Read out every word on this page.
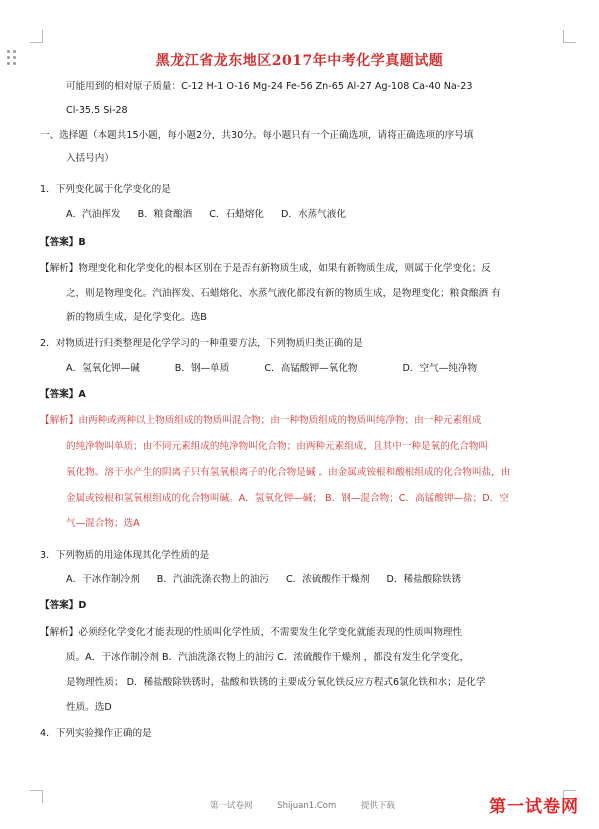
黑龙江省龙东地区2017年中考化学真题试题
可能用到的相对原子质量：C-12 H-1 O-16 Mg-24 Fe-56 Zn-65 Al-27 Ag-108 Ca-40 Na-23
Cl-35.5 Si-28
一、选择题（本题共15小题，每小题2分，共30分。每小题只有一个正确选项，请将正确选项的序号填
入括号内）
1．下列变化属于化学变化的是
A．汽油挥发 B．粮食酿酒 C．石蜡熔化 D．水蒸气液化
【答案】B
【解析】物理变化和化学变化的根本区别在于是否有新物质生成，如果有新物质生成，则属于化学变化；反
之，则是物理变化。汽油挥发、石蜡熔化、水蒸气液化都没有新的物质生成，是物理变化；粮食酿酒 有
新的物质生成，是化学变化。选B
2．对物质进行归类整理是化学学习的一种重要方法，下列物质归类正确的是
A．氢氧化钾—碱	B．钢—单质	C．高锰酸钾—氧化物	D．空气—纯净物
【答案】A
【解析】由两种或两种以上物质组成的物质叫混合物；由一种物质组成的物质叫纯净物；由一种元素组成
的纯净物叫单质；由不同元素组成的纯净物叫化合物；由两种元素组成，且其中一种是氧的化合物叫
氧化物。溶于水产生的阴离子只有氢氧根离子的化合物是碱 。由金属或铵根和酸根组成的化合物叫盐，由
金属或铵根和氢氧根组成的化合物叫碱。A．氢氧化钾—碱； B．钢—混合物；C．高锰酸钾—盐；D．空
气—混合物；选A
3．下列物质的用途体现其化学性质的是
A．干冰作制冷剂 B．汽油洗涤衣物上的油污 C．浓硫酸作干燥剂 D．稀盐酸除铁锈
【答案】D
【解析】必须经化学变化才能表现的性质叫化学性质，不需要发生化学变化就能表现的性质叫物理性
质。A．干冰作制冷剂 B．汽油洗涤衣物上的油污 C．浓硫酸作干燥剂 ，都没有发生化学变化，
是物理性质； D．稀盐酸除铁锈时，盐酸和铁锈的主要成分氧化铁反应方程式6氯化铁和水；是化学
性质。选D
4．下列实验操作正确的是
第一试卷网	Shijuan1.Com	提供下载	第一试卷网
